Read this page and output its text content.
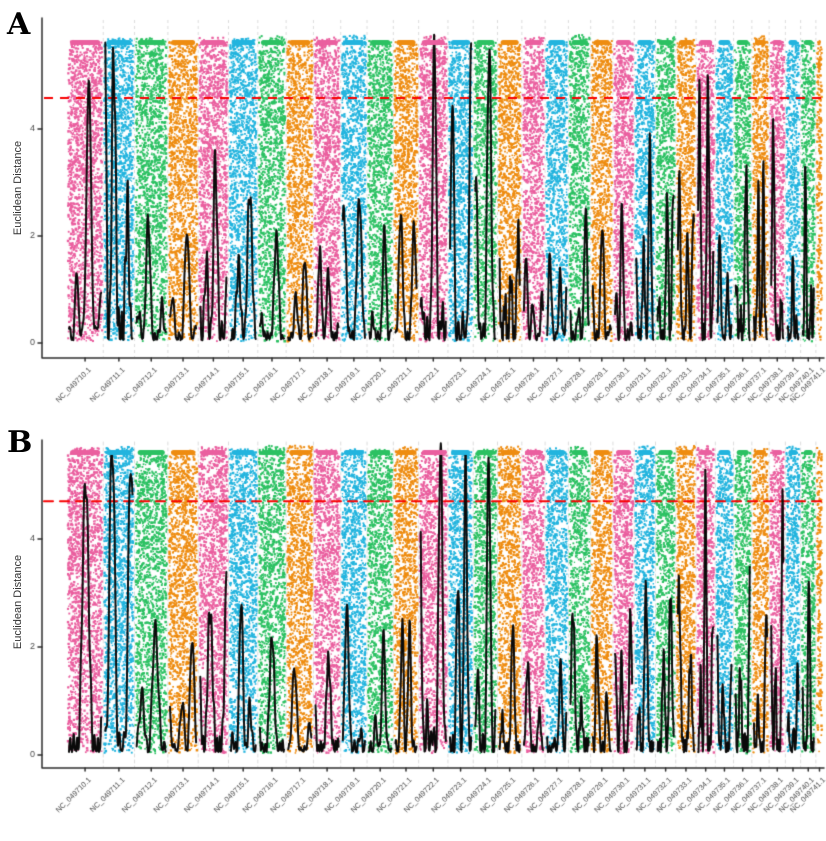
A
B
Euclidean Distance
Euclidean Distance
